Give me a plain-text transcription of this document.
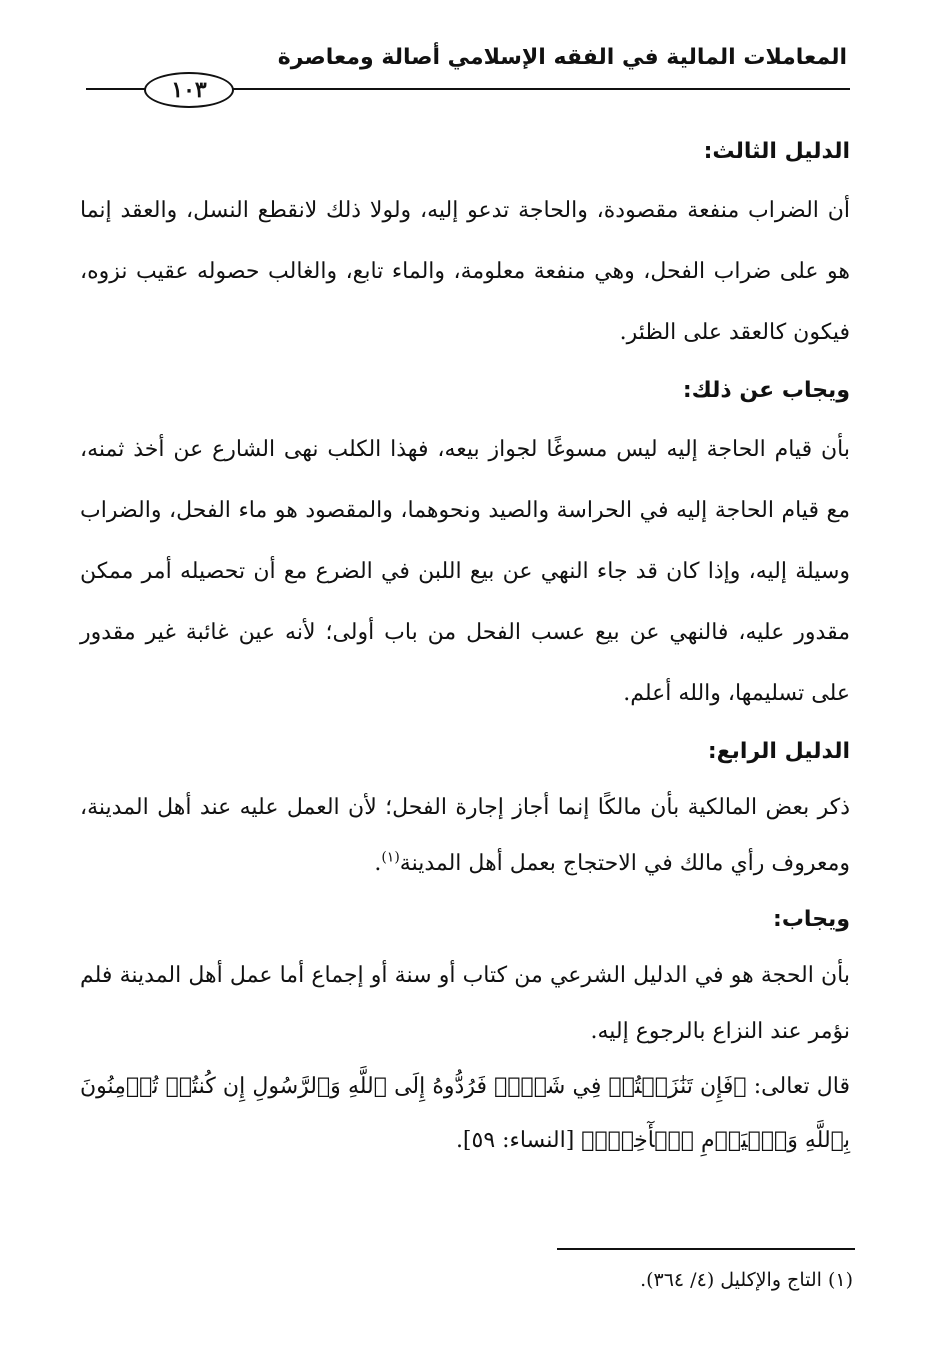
المعاملات المالية في الفقه الإسلامي أصالة ومعاصرة
١٠٣

الدليل الثالث:

أن الضراب منفعة مقصودة، والحاجة تدعو إليه، ولولا ذلك لانقطع النسل، والعقد إنما هو على ضراب الفحل، وهي منفعة معلومة، والماء تابع، والغالب حصوله عقيب نزوه، فيكون كالعقد على الظئر.

ويجاب عن ذلك:

بأن قيام الحاجة إليه ليس مسوغًا لجواز بيعه، فهذا الكلب نهى الشارع عن أخذ ثمنه، مع قيام الحاجة إليه في الحراسة والصيد ونحوهما، والمقصود هو ماء الفحل، والضراب وسيلة إليه، وإذا كان قد جاء النهي عن بيع اللبن في الضرع مع أن تحصيله أمر ممكن مقدور عليه، فالنهي عن بيع عسب الفحل من باب أولى؛ لأنه عين غائبة غير مقدور على تسليمها، والله أعلم.

الدليل الرابع:

ذكر بعض المالكية بأن مالكًا إنما أجاز إجارة الفحل؛ لأن العمل عليه عند أهل المدينة، ومعروف رأي مالك في الاحتجاج بعمل أهل المدينة$^{(١)}$.

ويجاب:

بأن الحجة هو في الدليل الشرعي من كتاب أو سنة أو إجماع أما عمل أهل المدينة فلم نؤمر عند النزاع بالرجوع إليه.

قال تعالى: ﴿فَإِن تَنَٰزَعۡتُمۡ فِي شَيۡءٖ فَرُدُّوهُ إِلَى ٱللَّهِ وَٱلرَّسُولِ إِن كُنتُمۡ تُؤۡمِنُونَ بِٱللَّهِ وَٱلۡيَوۡمِ ٱلۡأٓخِرِۚ﴾ [النساء: ٥٩].

(١) التاج والإكليل (٤/ ٣٦٤).
